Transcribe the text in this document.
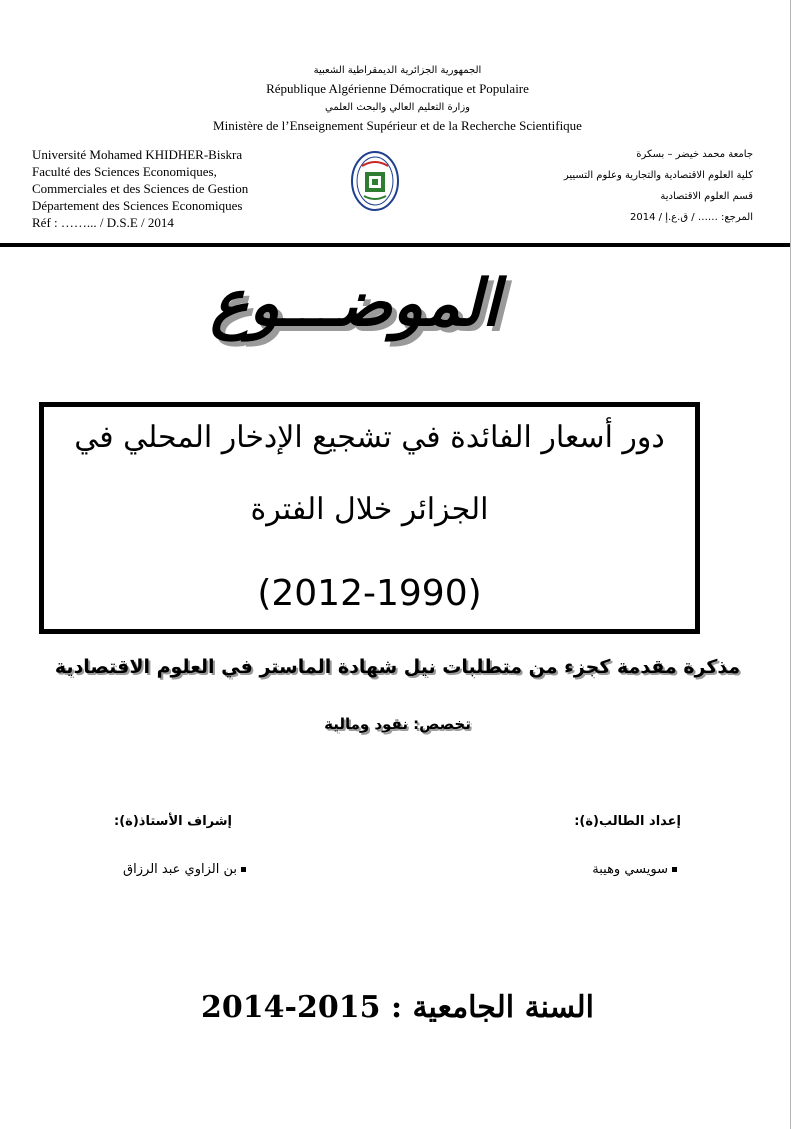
الجمهورية الجزائرية الديمقراطية الشعبية
République Algérienne Démocratique et Populaire
وزارة التعليم العالي والبحث العلمي
Ministère de l’Enseignement Supérieur et de la Recherche Scientifique
Université Mohamed KHIDHER-Biskra
Faculté des Sciences Economiques,
Commerciales et des Sciences de Gestion
Département des Sciences Economiques
Réf : ……... / D.S.E / 2014
جامعة محمد خيضر – بسكرة
كلية العلوم الاقتصادية والتجارية وعلوم التسيير
قسم العلوم الاقتصادية
المرجع: …… / ق.ع.إ / 2014
الموضـــوع
دور أسعار الفائدة في تشجيع الإدخار المحلي في
الجزائر خلال الفترة
(2012-1990)
مذكرة مقدمة كجزء من متطلبات نيل شهادة الماستر في العلوم الاقتصادية
تخصص: نقود ومالية
إعداد الطالب(ة):
إشراف الأستاذ(ة):
سويسي وهيبة
بن الزاوي عبد الرزاق
السنة الجامعية : 2015-2014
